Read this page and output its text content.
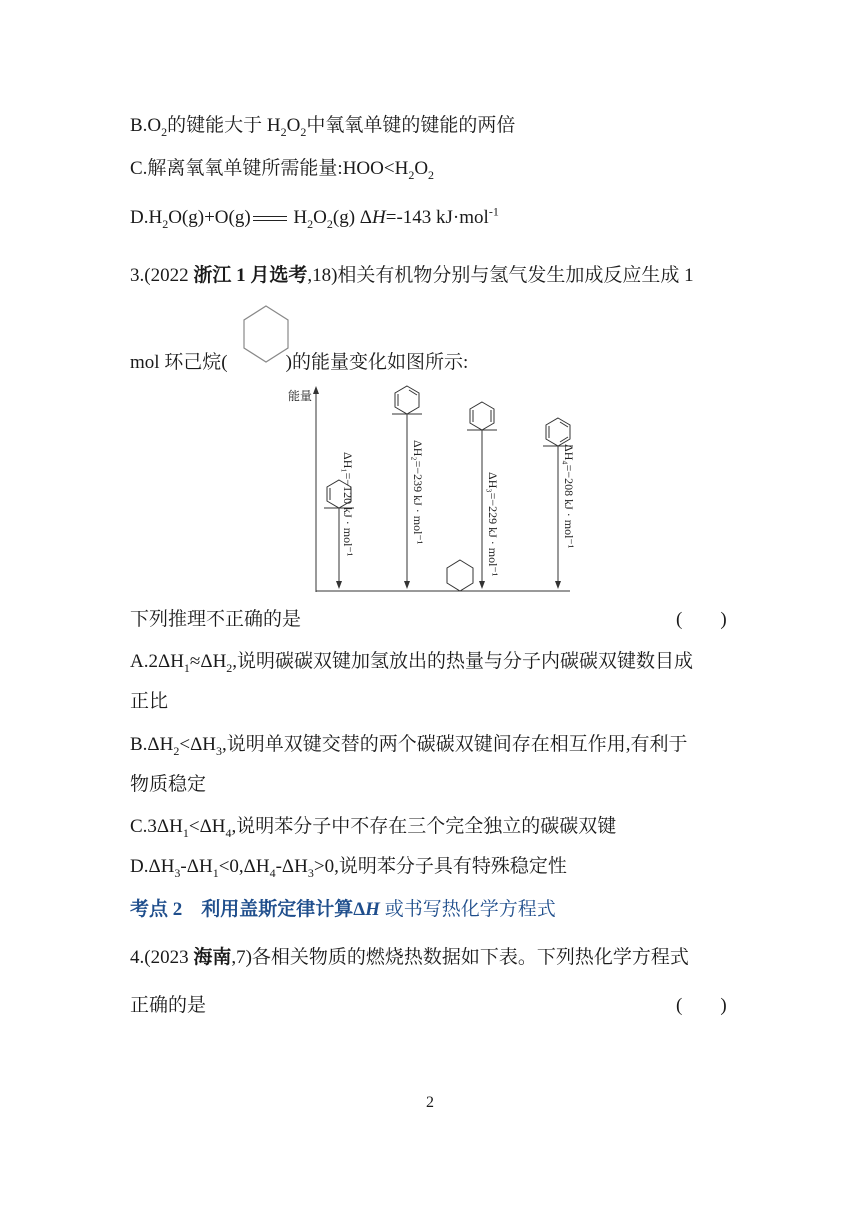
$B.O_2$的键能大于 $H_2O_2$中氧氧单键的键能的两倍
C.解离氧氧单键所需能量$:HOO<H_2O_2$
$D.H_2O(g)+O(g)$ $H_2O_2(g)$ ΔH=-143 kJ·mol$^{-1}$
3.(2022 浙江 1 月选考,18)相关有机物分别与氢气发生加成反应生成 1
mol 环己烷(	)的能量变化如图所示:
能量
ΔH₁=−120 kJ · mol⁻¹	ΔH₂=−239 kJ · mol⁻¹	ΔH₃=−229 kJ · mol⁻¹	ΔH₄=−208 kJ · mol⁻¹
下列推理不正确的是	(　　)
$A.2\Delta H_1\approx\Delta H_2$,说明碳碳双键加氢放出的热量与分子内碳碳双键数目成
正比
$B.\Delta H_2<\Delta H_3$,说明单双键交替的两个碳碳双键间存在相互作用,有利于
物质稳定
$C.3\Delta H_1<\Delta H_4$,说明苯分子中不存在三个完全独立的碳碳双键
$D.\Delta H_3-\Delta H_1<0,\Delta H_4-\Delta H_3>0$,说明苯分子具有特殊稳定性
考点 2　利用盖斯定律计算ΔH 或书写热化学方程式
4.(2023 海南,7)各相关物质的燃烧热数据如下表。下列热化学方程式
正确的是	(　　)
2
